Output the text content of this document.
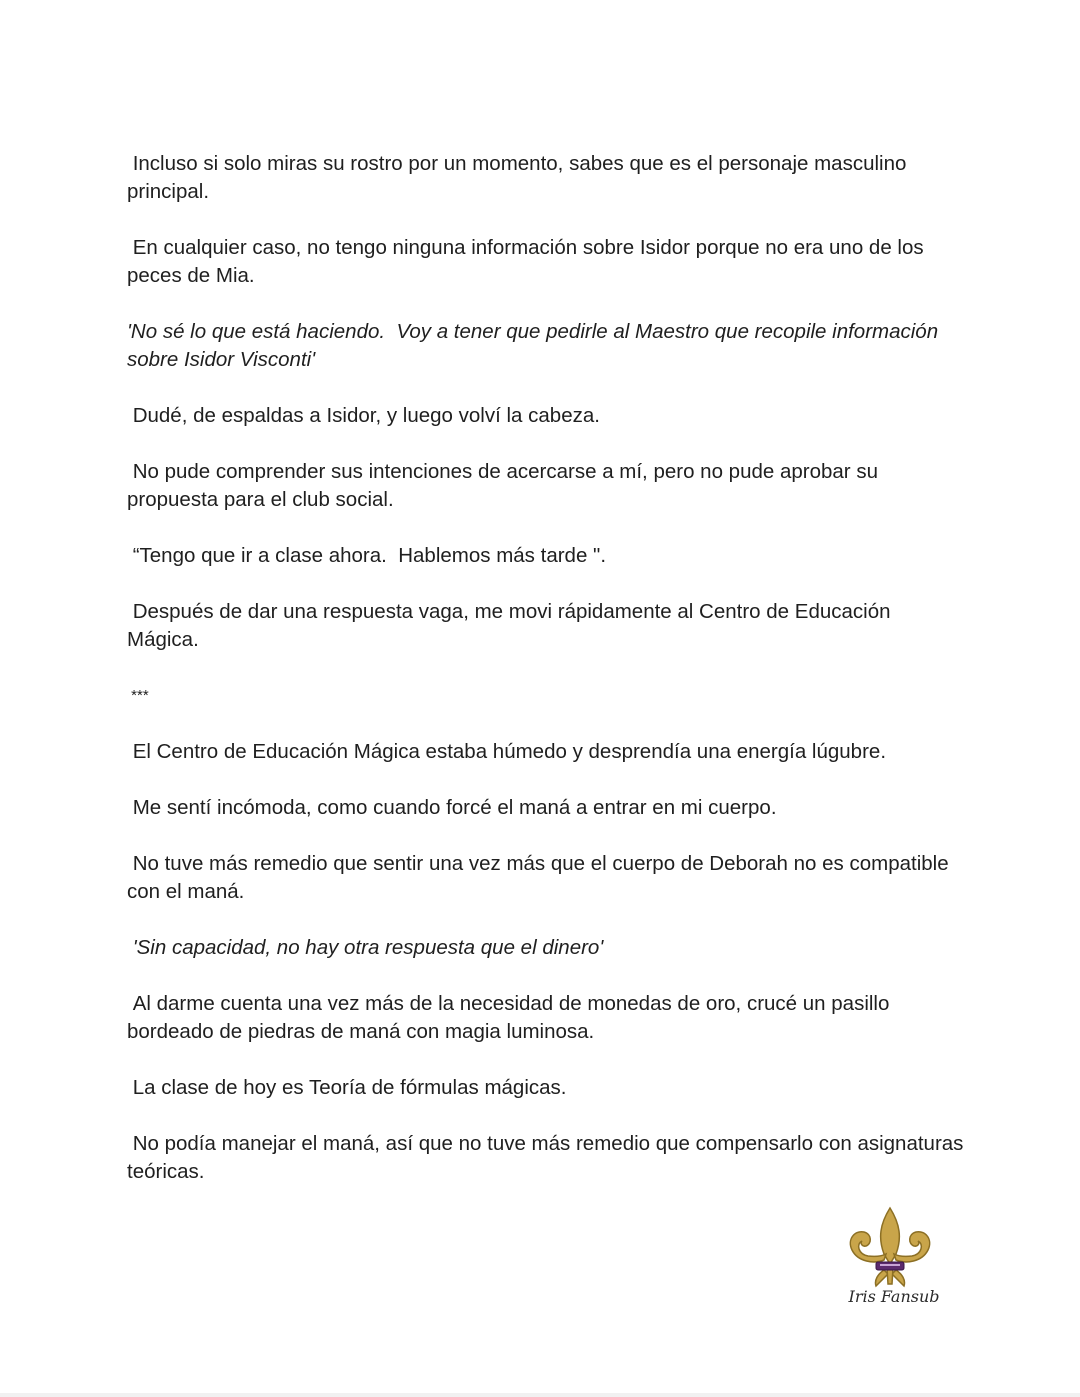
Incluso si solo miras su rostro por un momento, sabes que es el personaje masculino principal.

En cualquier caso, no tengo ninguna información sobre Isidor porque no era uno de los peces de Mia.

'No sé lo que está haciendo.  Voy a tener que pedirle al Maestro que recopile información sobre Isidor Visconti'

Dudé, de espaldas a Isidor, y luego volví la cabeza.

No pude comprender sus intenciones de acercarse a mí, pero no pude aprobar su propuesta para el club social.

“Tengo que ir a clase ahora.  Hablemos más tarde ".

Después de dar una respuesta vaga, me movi rápidamente al Centro de Educación Mágica.

***

El Centro de Educación Mágica estaba húmedo y desprendía una energía lúgubre.

Me sentí incómoda, como cuando forcé el maná a entrar en mi cuerpo.

No tuve más remedio que sentir una vez más que el cuerpo de Deborah no es compatible con el maná.

'Sin capacidad, no hay otra respuesta que el dinero'

Al darme cuenta una vez más de la necesidad de monedas de oro, crucé un pasillo bordeado de piedras de maná con magia luminosa.

La clase de hoy es Teoría de fórmulas mágicas.

No podía manejar el maná, así que no tuve más remedio que compensarlo con asignaturas teóricas.

Iris Fansub
